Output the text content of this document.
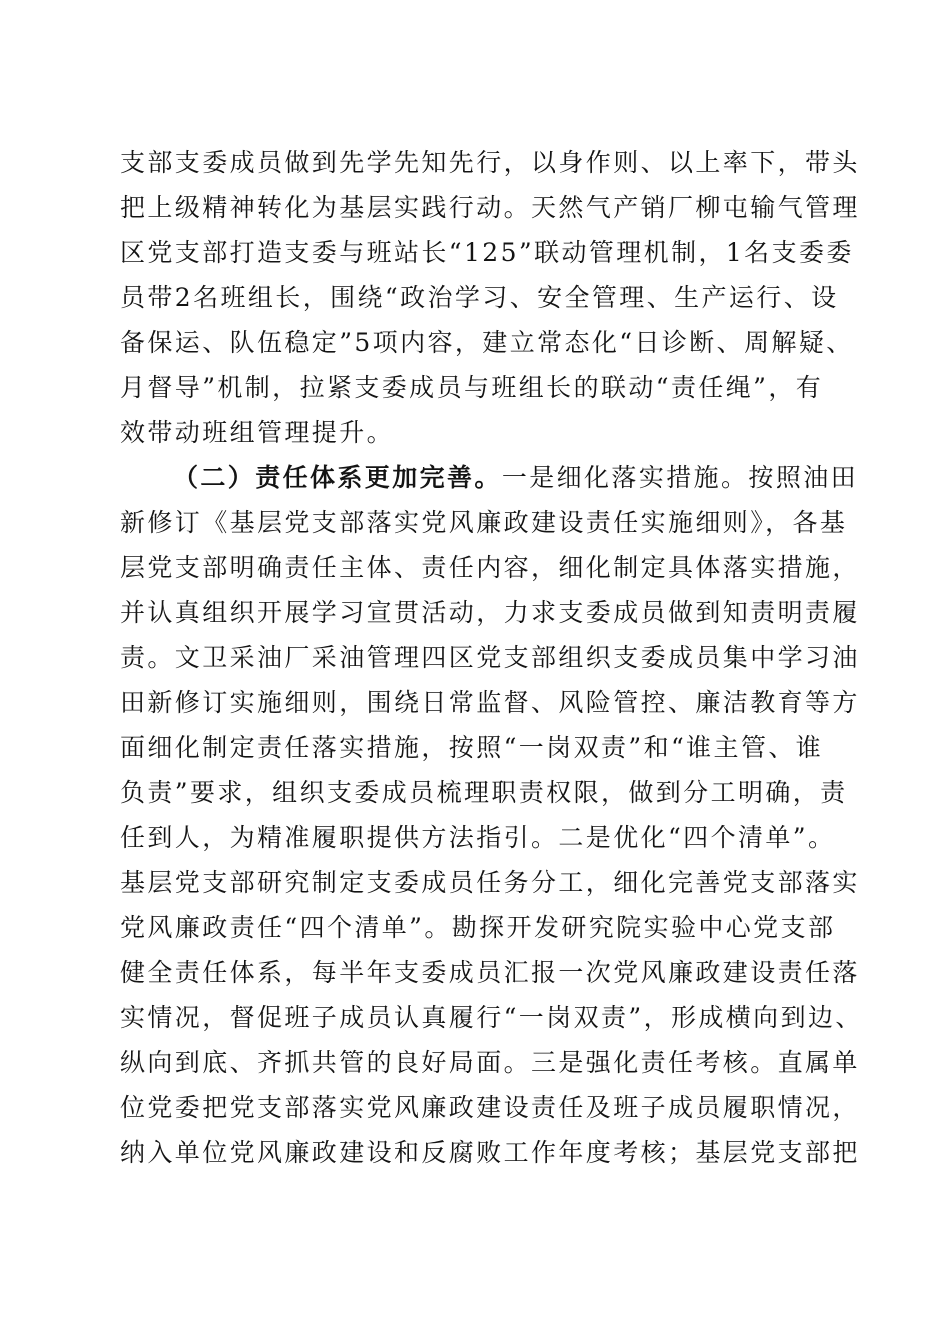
支部支委成员做到先学先知先行，以身作则、以上率下，带头
把上级精神转化为基层实践行动。天然气产销厂柳屯输气管理
区党支部打造支委与班站长“125”联动管理机制，1名支委委
员带2名班组长，围绕“政治学习、安全管理、生产运行、设
备保运、队伍稳定”5项内容，建立常态化“日诊断、周解疑、
月督导”机制，拉紧支委成员与班组长的联动“责任绳”，有
效带动班组管理提升。
（二）责任体系更加完善。一是细化落实措施。按照油田
新修订《基层党支部落实党风廉政建设责任实施细则》，各基
层党支部明确责任主体、责任内容，细化制定具体落实措施，
并认真组织开展学习宣贯活动，力求支委成员做到知责明责履
责。文卫采油厂采油管理四区党支部组织支委成员集中学习油
田新修订实施细则，围绕日常监督、风险管控、廉洁教育等方
面细化制定责任落实措施，按照“一岗双责”和“谁主管、谁
负责”要求，组织支委成员梳理职责权限，做到分工明确，责
任到人，为精准履职提供方法指引。二是优化“四个清单”。
基层党支部研究制定支委成员任务分工，细化完善党支部落实
党风廉政责任“四个清单”。勘探开发研究院实验中心党支部
健全责任体系，每半年支委成员汇报一次党风廉政建设责任落
实情况，督促班子成员认真履行“一岗双责”，形成横向到边、
纵向到底、齐抓共管的良好局面。三是强化责任考核。直属单
位党委把党支部落实党风廉政建设责任及班子成员履职情况，
纳入单位党风廉政建设和反腐败工作年度考核；基层党支部把
